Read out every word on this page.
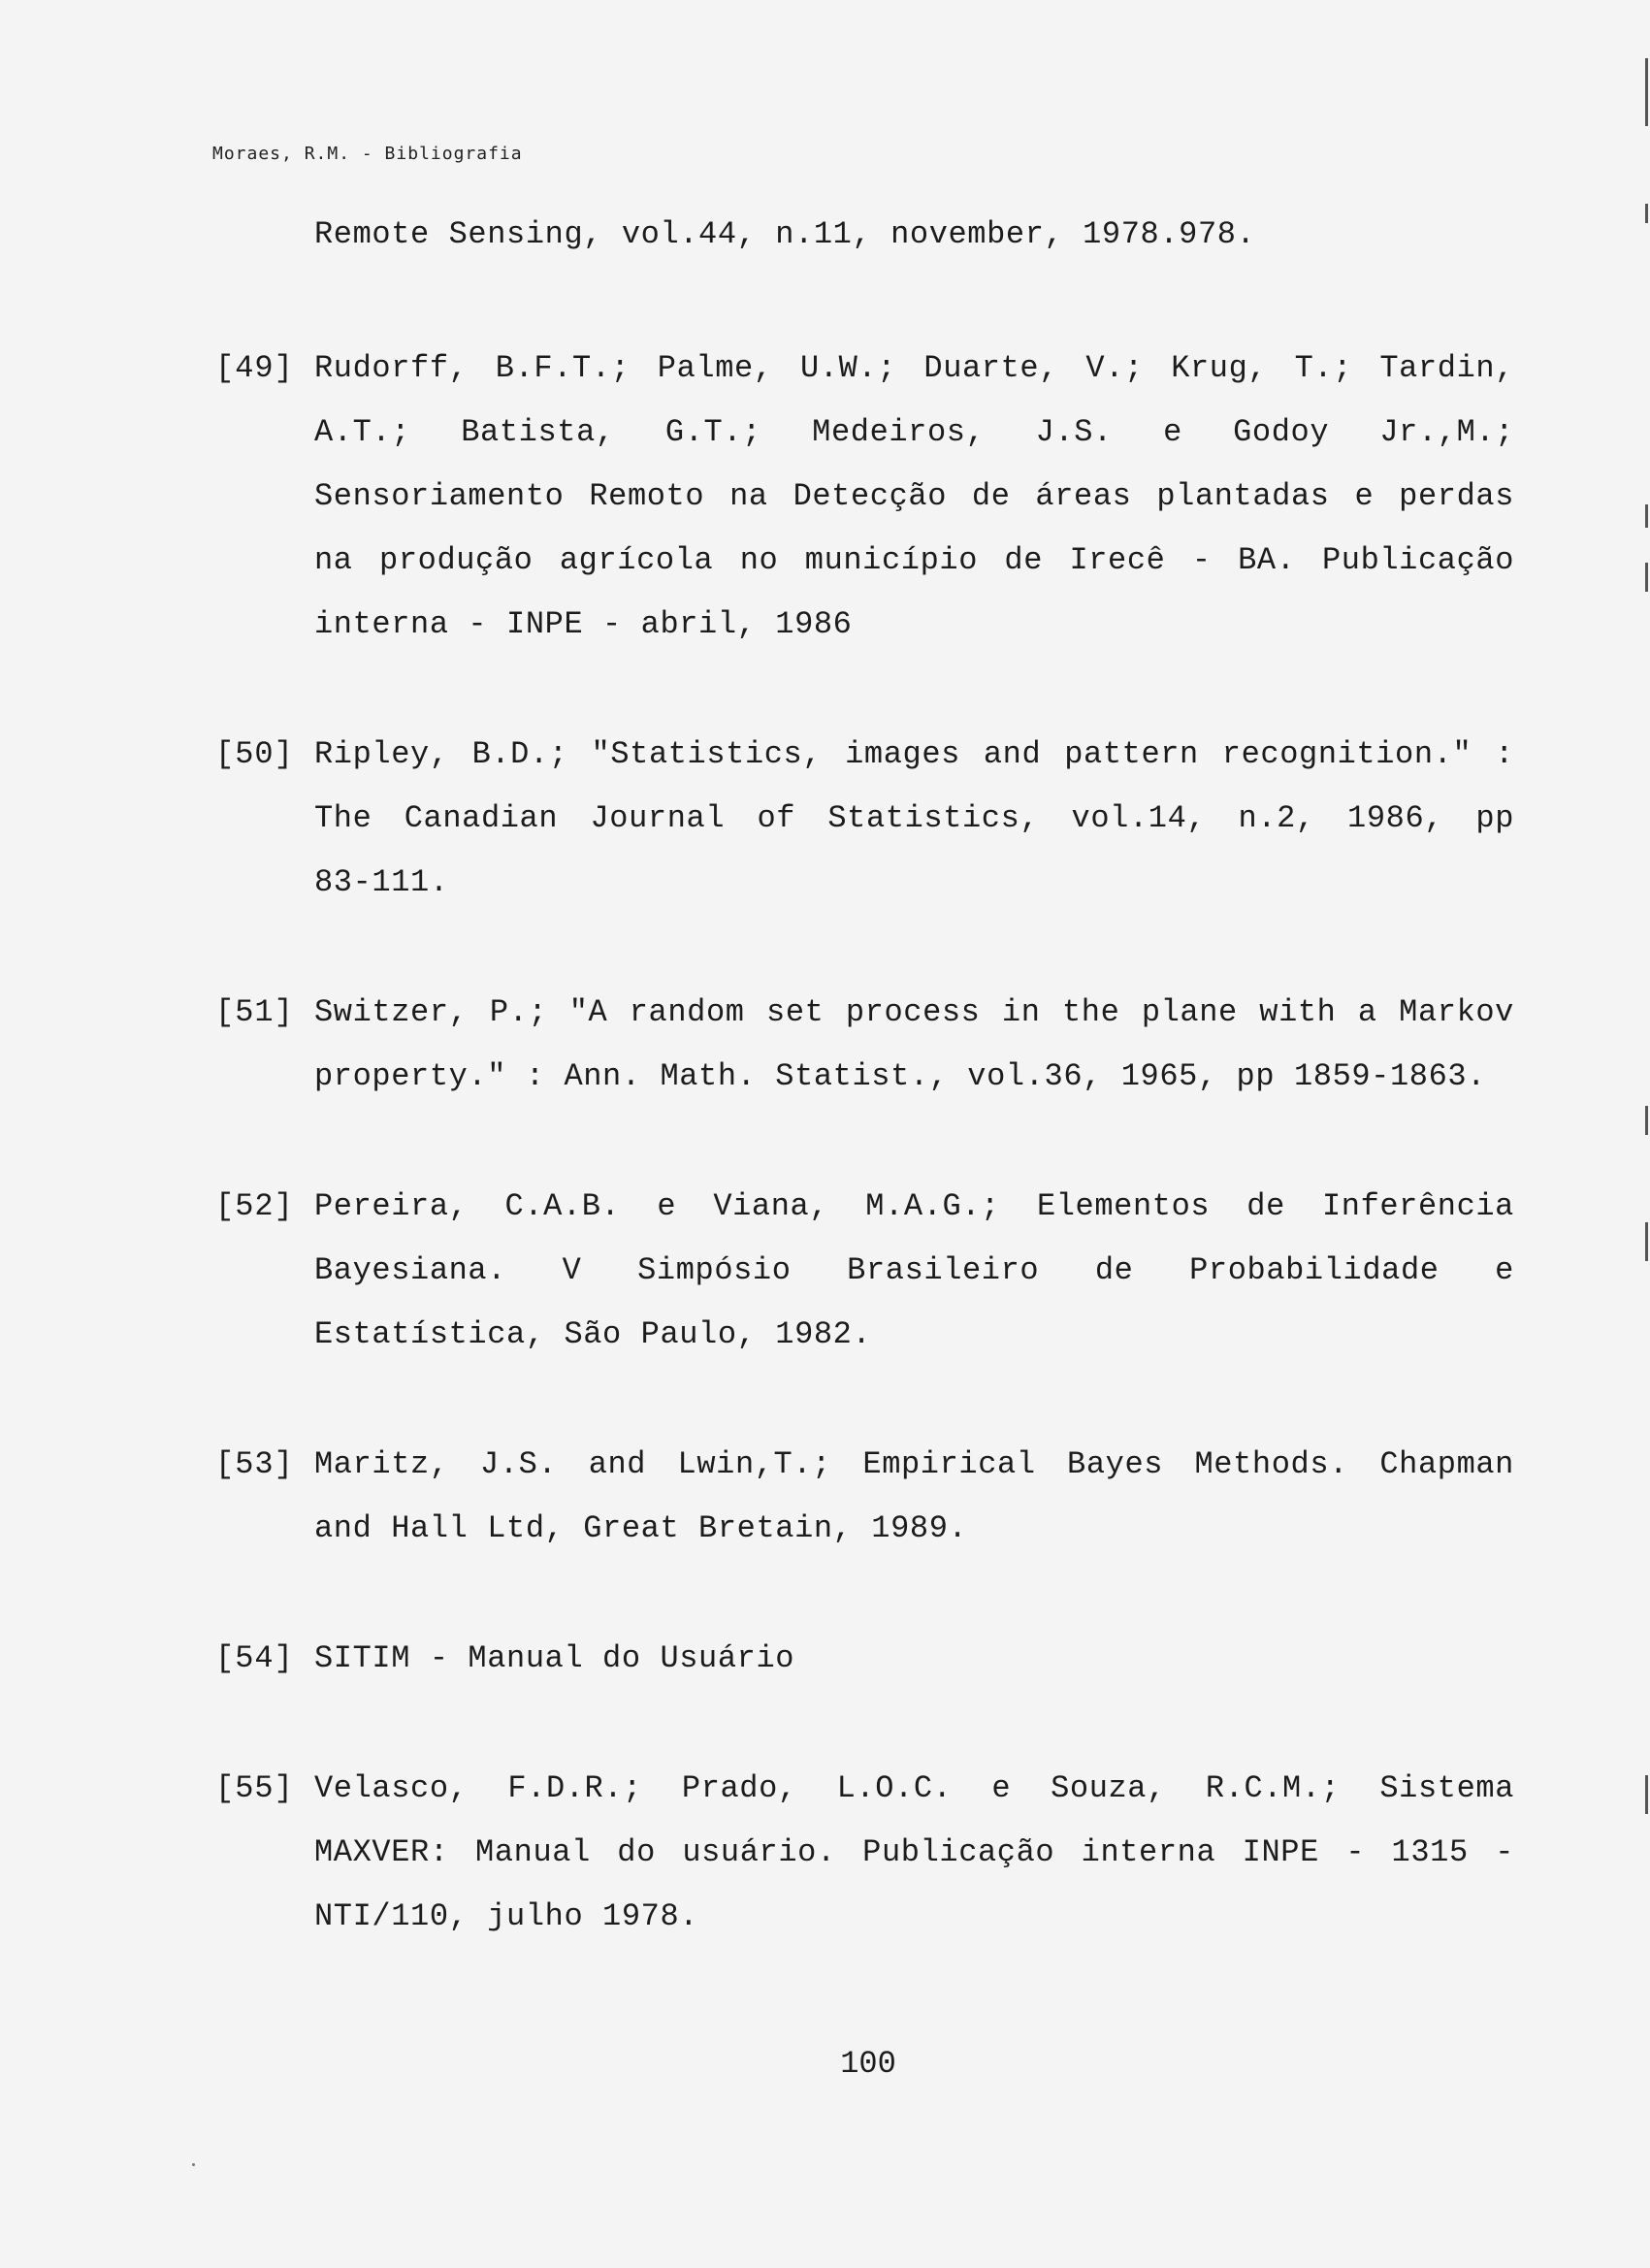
Moraes, R.M. - Bibliografia
Remote Sensing, vol.44, n.11, november, 1978.978.
[49] Rudorff, B.F.T.; Palme, U.W.; Duarte, V.; Krug, T.; Tardin,
A.T.; Batista, G.T.; Medeiros, J.S. e Godoy Jr.,M.;
Sensoriamento Remoto na Detecção de áreas plantadas e perdas
na produção agrícola no município de Irecê - BA. Publicação
interna - INPE - abril, 1986
[50] Ripley, B.D.; "Statistics, images and pattern recognition." :
The Canadian Journal of Statistics, vol.14, n.2, 1986, pp
83-111.
[51] Switzer, P.; "A random set process in the plane with a Markov
property." : Ann. Math. Statist., vol.36, 1965, pp 1859-1863.
[52] Pereira, C.A.B. e Viana, M.A.G.; Elementos de Inferência
Bayesiana. V Simpósio Brasileiro de Probabilidade e
Estatística, São Paulo, 1982.
[53] Maritz, J.S. and Lwin,T.; Empirical Bayes Methods. Chapman
and Hall Ltd, Great Bretain, 1989.
[54] SITIM - Manual do Usuário
[55] Velasco, F.D.R.; Prado, L.O.C. e Souza, R.C.M.; Sistema
MAXVER: Manual do usuário. Publicação interna INPE - 1315 -
NTI/110, julho 1978.
100
